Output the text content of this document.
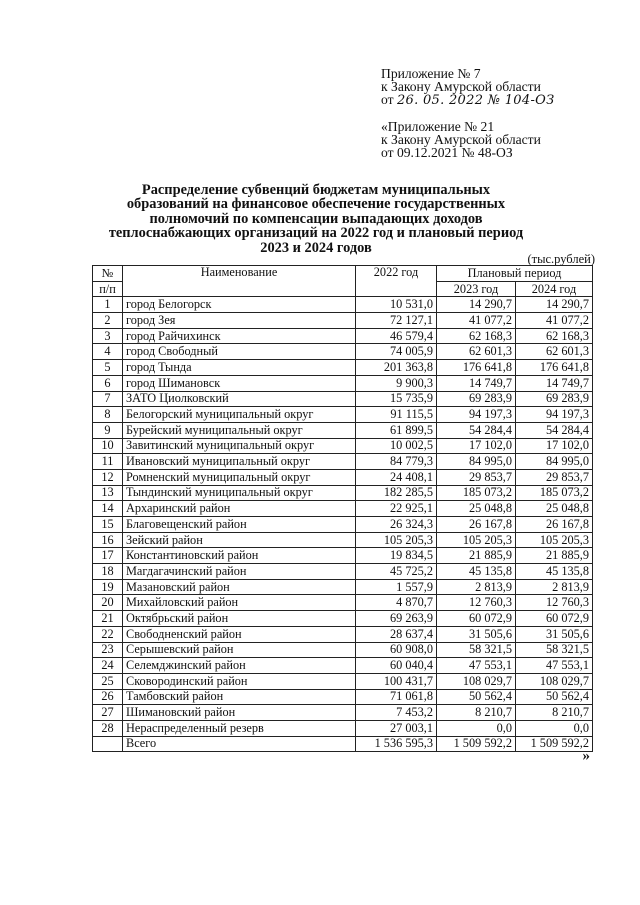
Приложение № 7
к Закону Амурской области
от 26. 05. 2022 № 104-ОЗ
«Приложение № 21
к Закону Амурской области
от 09.12.2021 № 48-ОЗ
Распределение субвенций бюджетам муниципальных образований на финансовое обеспечение государственных полномочий по компенсации выпадающих доходов теплоснабжающих организаций на 2022 год и плановый период 2023 и 2024 годов
(тыс.рублей)
№	Наименование	2022 год	Плановый период	
п/п			2023 год	2024 год
1	город Белогорск	10 531,0	14 290,7	14 290,7
2	город Зея	72 127,1	41 077,2	41 077,2
3	город Райчихинск	46 579,4	62 168,3	62 168,3
4	город Свободный	74 005,9	62 601,3	62 601,3
5	город Тында	201 363,8	176 641,8	176 641,8
6	город Шимановск	9 900,3	14 749,7	14 749,7
7	ЗАТО Циолковский	15 735,9	69 283,9	69 283,9
8	Белогорский муниципальный округ	91 115,5	94 197,3	94 197,3
9	Бурейский муниципальный округ	61 899,5	54 284,4	54 284,4
10	Завитинский муниципальный округ	10 002,5	17 102,0	17 102,0
11	Ивановский муниципальный округ	84 779,3	84 995,0	84 995,0
12	Ромненский муниципальный округ	24 408,1	29 853,7	29 853,7
13	Тындинский муниципальный округ	182 285,5	185 073,2	185 073,2
14	Архаринский район	22 925,1	25 048,8	25 048,8
15	Благовещенский район	26 324,3	26 167,8	26 167,8
16	Зейский район	105 205,3	105 205,3	105 205,3
17	Константиновский район	19 834,5	21 885,9	21 885,9
18	Магдагачинский район	45 725,2	45 135,8	45 135,8
19	Мазановский район	1 557,9	2 813,9	2 813,9
20	Михайловский район	4 870,7	12 760,3	12 760,3
21	Октябрьский район	69 263,9	60 072,9	60 072,9
22	Свободненский район	28 637,4	31 505,6	31 505,6
23	Серышевский район	60 908,0	58 321,5	58 321,5
24	Селемджинский район	60 040,4	47 553,1	47 553,1
25	Сковородинский район	100 431,7	108 029,7	108 029,7
26	Тамбовский район	71 061,8	50 562,4	50 562,4
27	Шимановский район	7 453,2	8 210,7	8 210,7
28	Нераспределенный резерв	27 003,1	0,0	0,0
	Всего	1 536 595,3	1 509 592,2	1 509 592,2
»
